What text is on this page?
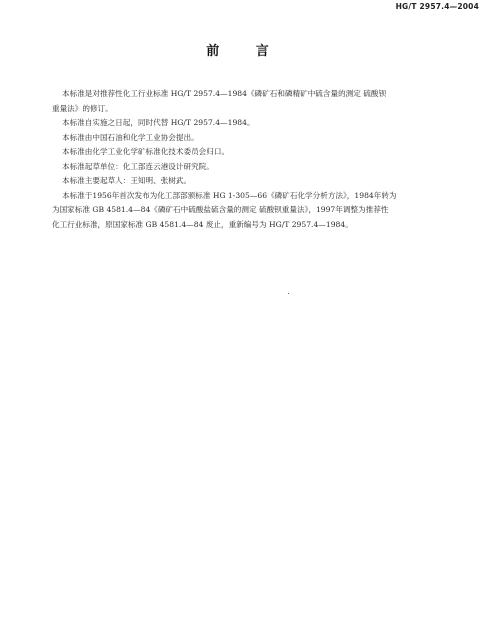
HG/T 2957.4—2004
前 言

本标准是对推荐性化工行业标准 HG/T 2957.4—1984《磷矿石和磷精矿中硫含量的测定 硫酸钡
重量法》的修订。

本标准自实施之日起，同时代替 HG/T 2957.4—1984。

本标准由中国石油和化学工业协会提出。

本标准由化学工业化学矿标准化技术委员会归口。

本标准起草单位：化工部连云港设计研究院。

本标准主要起草人：王知明、张树武。

本标准于1956年首次发布为化工部部颁标准 HG 1-305—66《磷矿石化学分析方法》，1984年转为
为国家标准 GB 4581.4—84《磷矿石中硫酸盐硫含量的测定 硫酸钡重量法》，1997年调整为推荐性
化工行业标准，原国家标准 GB 4581.4—84 废止，重新编号为 HG/T 2957.4—1984。
